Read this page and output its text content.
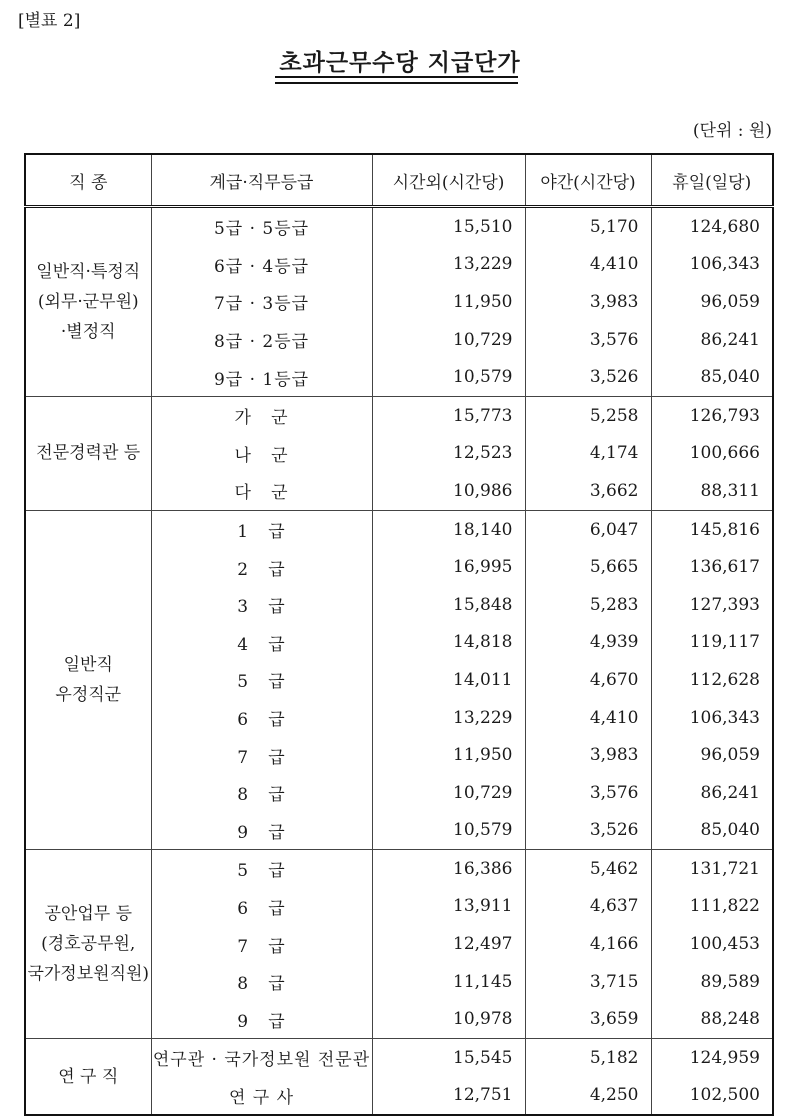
[별표 2]
초과근무수당 지급단가
(단위 : 원)
직 종	계급·직무등급	시간외(시간당)	야간(시간당)	휴일(일당)

일반직·특정직
(외무·군무원)
·별정직	5급 · 5등급	15,510	5,170	124,680
	6급 · 4등급	13,229	4,410	106,343
	7급 · 3등급	11,950	3,983	96,059
	8급 · 2등급	10,729	3,576	86,241
	9급 · 1등급	10,579	3,526	85,040

전문경력관 등	가   군	15,773	5,258	126,793
	나   군	12,523	4,174	100,666
	다   군	10,986	3,662	88,311

일반직
우정직군	1   급	18,140	6,047	145,816
	2   급	16,995	5,665	136,617
	3   급	15,848	5,283	127,393
	4   급	14,818	4,939	119,117
	5   급	14,011	4,670	112,628
	6   급	13,229	4,410	106,343
	7   급	11,950	3,983	96,059
	8   급	10,729	3,576	86,241
	9   급	10,579	3,526	85,040

공안업무 등
(경호공무원,
국가정보원직원)	5   급	16,386	5,462	131,721
	6   급	13,911	4,637	111,822
	7   급	12,497	4,166	100,453
	8   급	11,145	3,715	89,589
	9   급	10,978	3,659	88,248

연 구 직	연구관 · 국가정보원 전문관	15,545	5,182	124,959
	연 구 사	12,751	4,250	102,500
